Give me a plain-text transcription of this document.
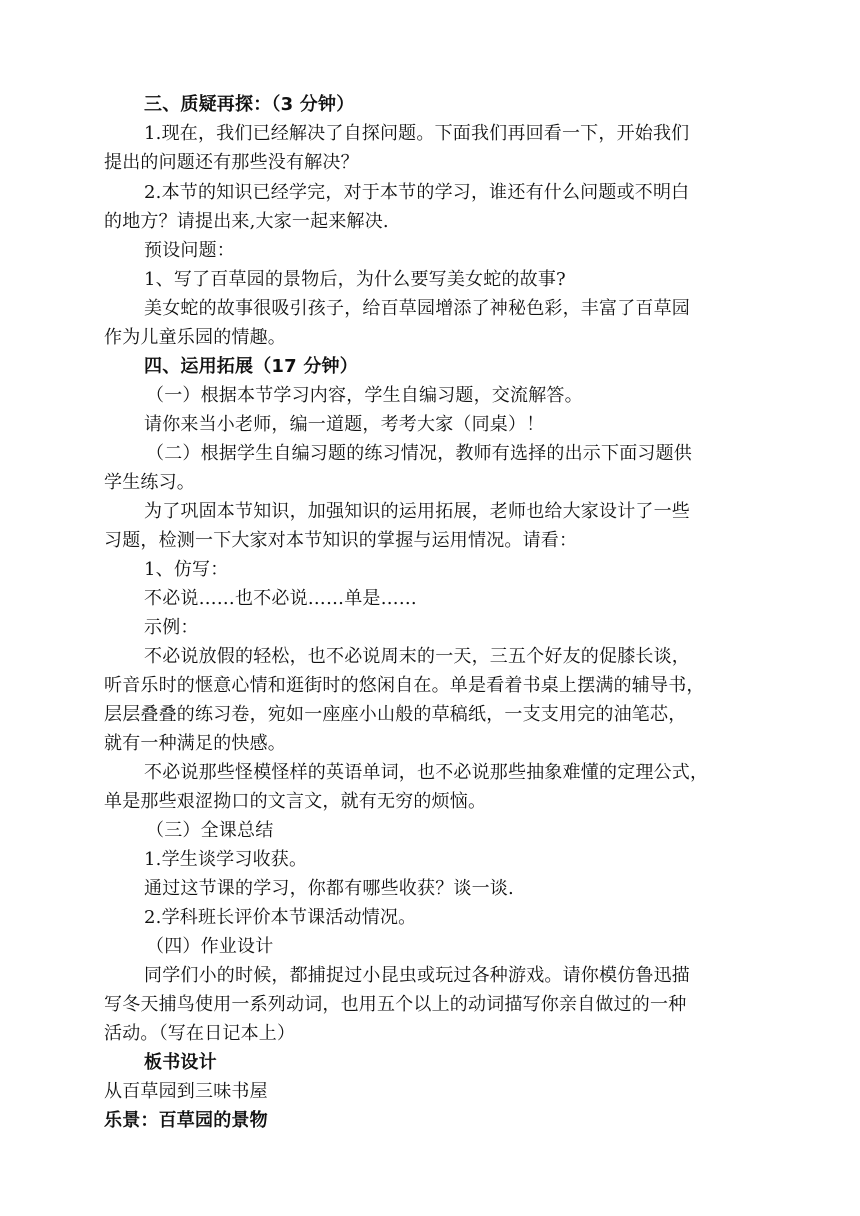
三、质疑再探：（3 分钟）
1.现在，我们已经解决了自探问题。下面我们再回看一下，开始我们
提出的问题还有那些没有解决？
2.本节的知识已经学完，对于本节的学习，谁还有什么问题或不明白
的地方？请提出来,大家一起来解决.
预设问题：
1、写了百草园的景物后，为什么要写美女蛇的故事?
美女蛇的故事很吸引孩子，给百草园增添了神秘色彩，丰富了百草园
作为儿童乐园的情趣。
四、运用拓展（17 分钟）
（一）根据本节学习内容，学生自编习题，交流解答。
请你来当小老师，编一道题，考考大家（同桌）！
（二）根据学生自编习题的练习情况，教师有选择的出示下面习题供
学生练习。
为了巩固本节知识，加强知识的运用拓展，老师也给大家设计了一些
习题，检测一下大家对本节知识的掌握与运用情况。请看：
1、仿写：
不必说……也不必说……单是……
示例：
不必说放假的轻松，也不必说周末的一天，三五个好友的促膝长谈，
听音乐时的惬意心情和逛街时的悠闲自在。单是看着书桌上摆满的辅导书，
层层叠叠的练习卷，宛如一座座小山般的草稿纸，一支支用完的油笔芯，
就有一种满足的快感。
不必说那些怪模怪样的英语单词，也不必说那些抽象难懂的定理公式，
单是那些艰涩拗口的文言文，就有无穷的烦恼。
（三）全课总结
1.学生谈学习收获。
通过这节课的学习，你都有哪些收获？谈一谈.
2.学科班长评价本节课活动情况。
（四）作业设计
同学们小的时候，都捕捉过小昆虫或玩过各种游戏。请你模仿鲁迅描
写冬天捕鸟使用一系列动词，也用五个以上的动词描写你亲自做过的一种
活动。（写在日记本上）
板书设计
从百草园到三味书屋
乐景：百草园的景物
